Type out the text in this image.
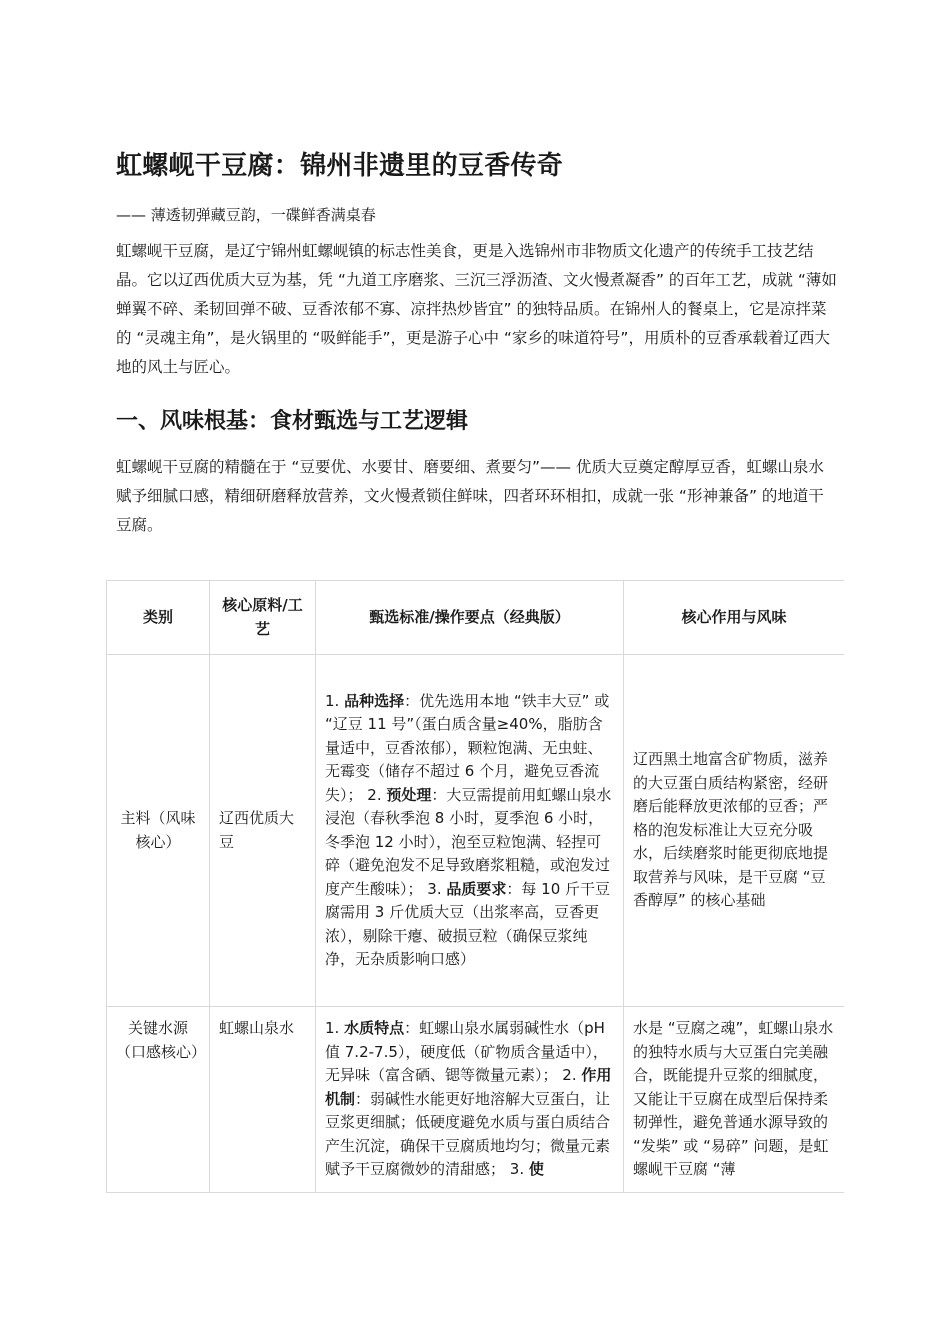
虹螺岘干豆腐：锦州非遗里的豆香传奇

—— 薄透韧弹藏豆韵，一碟鲜香满桌春

虹螺岘干豆腐，是辽宁锦州虹螺岘镇的标志性美食，更是入选锦州市非物质文化遗产的传统手工技艺结晶。它以辽西优质大豆为基，凭 “九道工序磨浆、三沉三浮沥渣、文火慢煮凝香” 的百年工艺，成就 “薄如蝉翼不碎、柔韧回弹不破、豆香浓郁不寡、凉拌热炒皆宜” 的独特品质。在锦州人的餐桌上，它是凉拌菜的 “灵魂主角”，是火锅里的 “吸鲜能手”，更是游子心中 “家乡的味道符号”，用质朴的豆香承载着辽西大地的风土与匠心。

一、风味根基：食材甄选与工艺逻辑

虹螺岘干豆腐的精髓在于 “豆要优、水要甘、磨要细、煮要匀”—— 优质大豆奠定醇厚豆香，虹螺山泉水赋予细腻口感，精细研磨释放营养，文火慢煮锁住鲜味，四者环环相扣，成就一张 “形神兼备” 的地道干豆腐。

类别	核心原料/工艺	甄选标准/操作要点（经典版）	核心作用与风味
主料（风味核心）	辽西优质大豆	1. 品种选择：优先选用本地 “铁丰大豆” 或 “辽豆 11 号”（蛋白质含量≥40%，脂肪含量适中，豆香浓郁），颗粒饱满、无虫蛀、无霉变（储存不超过 6 个月，避免豆香流失）； 2. 预处理：大豆需提前用虹螺山泉水浸泡（春秋季泡 8 小时，夏季泡 6 小时，冬季泡 12 小时），泡至豆粒饱满、轻捏可碎（避免泡发不足导致磨浆粗糙，或泡发过度产生酸味）； 3. 品质要求：每 10 斤干豆腐需用 3 斤优质大豆（出浆率高，豆香更浓），剔除干瘪、破损豆粒（确保豆浆纯净，无杂质影响口感）	辽西黑土地富含矿物质，滋养的大豆蛋白质结构紧密，经研磨后能释放更浓郁的豆香；严格的泡发标准让大豆充分吸水，后续磨浆时能更彻底地提取营养与风味，是干豆腐 “豆香醇厚” 的核心基础
关键水源（口感核心）	虹螺山泉水	1. 水质特点：虹螺山泉水属弱碱性水（pH 值 7.2-7.5），硬度低（矿物质含量适中），无异味（富含硒、锶等微量元素）； 2. 作用机制：弱碱性水能更好地溶解大豆蛋白，让豆浆更细腻；低硬度避免水质与蛋白质结合产生沉淀，确保干豆腐质地均匀；微量元素赋予干豆腐微妙的清甜感； 3. 使	水是 “豆腐之魂”，虹螺山泉水的独特水质与大豆蛋白完美融合，既能提升豆浆的细腻度，又能让干豆腐在成型后保持柔韧弹性，避免普通水源导致的 “发柴” 或 “易碎” 问题，是虹螺岘干豆腐 “薄
